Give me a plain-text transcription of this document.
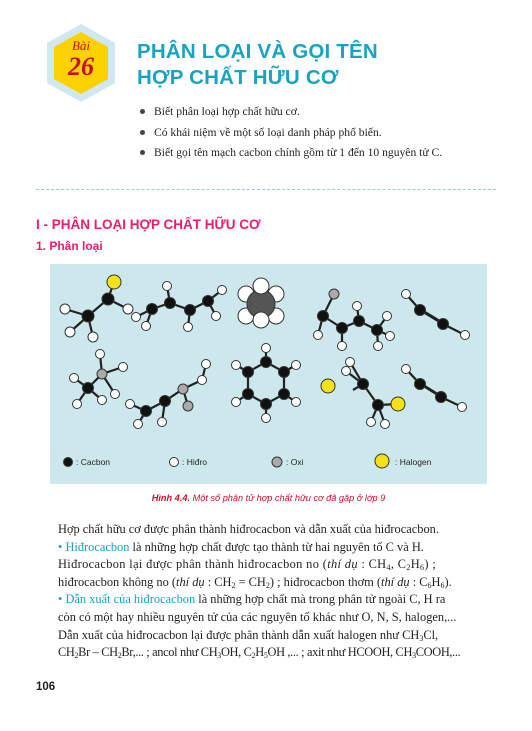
Bài
26
PHÂN LOẠI VÀ GỌI TÊN
HỢP CHẤT HỮU CƠ
Biết phân loại hợp chất hữu cơ.
Có khái niệm về một số loại danh pháp phổ biến.
Biết gọi tên mạch cacbon chính gồm từ 1 đến 10 nguyên tử C.
I - PHÂN LOẠI HỢP CHẤT HỮU CƠ
1. Phân loại
: Cacbon	: Hiđro	: Oxi	: Halogen
Hình 4.4. Một số phân tử hợp chất hữu cơ đã gặp ở lớp 9

Hợp chất hữu cơ được phân thành hiđrocacbon và dẫn xuất của hiđrocacbon.

• Hiđrocacbon là những hợp chất được tạo thành từ hai nguyên tố C và H.

Hiđrocacbon lại được phân thành hiđrocacbon no (thí dụ : $CH_4$, $C_2H_6$) ;

hiđrocacbon không no (thí dụ : $CH_2 = CH_2$) ; hiđrocacbon thơm (thí dụ : $C_6H_6$).

• Dẫn xuất của hiđrocacbon là những hợp chất mà trong phân tử ngoài C, H ra

còn có một hay nhiều nguyên tử của các nguyên tố khác như O, N, S, halogen,...

Dẫn xuất của hiđrocacbon lại được phân thành dẫn xuất halogen như $CH_3Cl$,

$CH_2Br - CH_2Br$,... ; ancol như $CH_3OH$, $C_2H_5OH$ ,... ; axit như HCOOH, $CH_3COOH$,...

106
